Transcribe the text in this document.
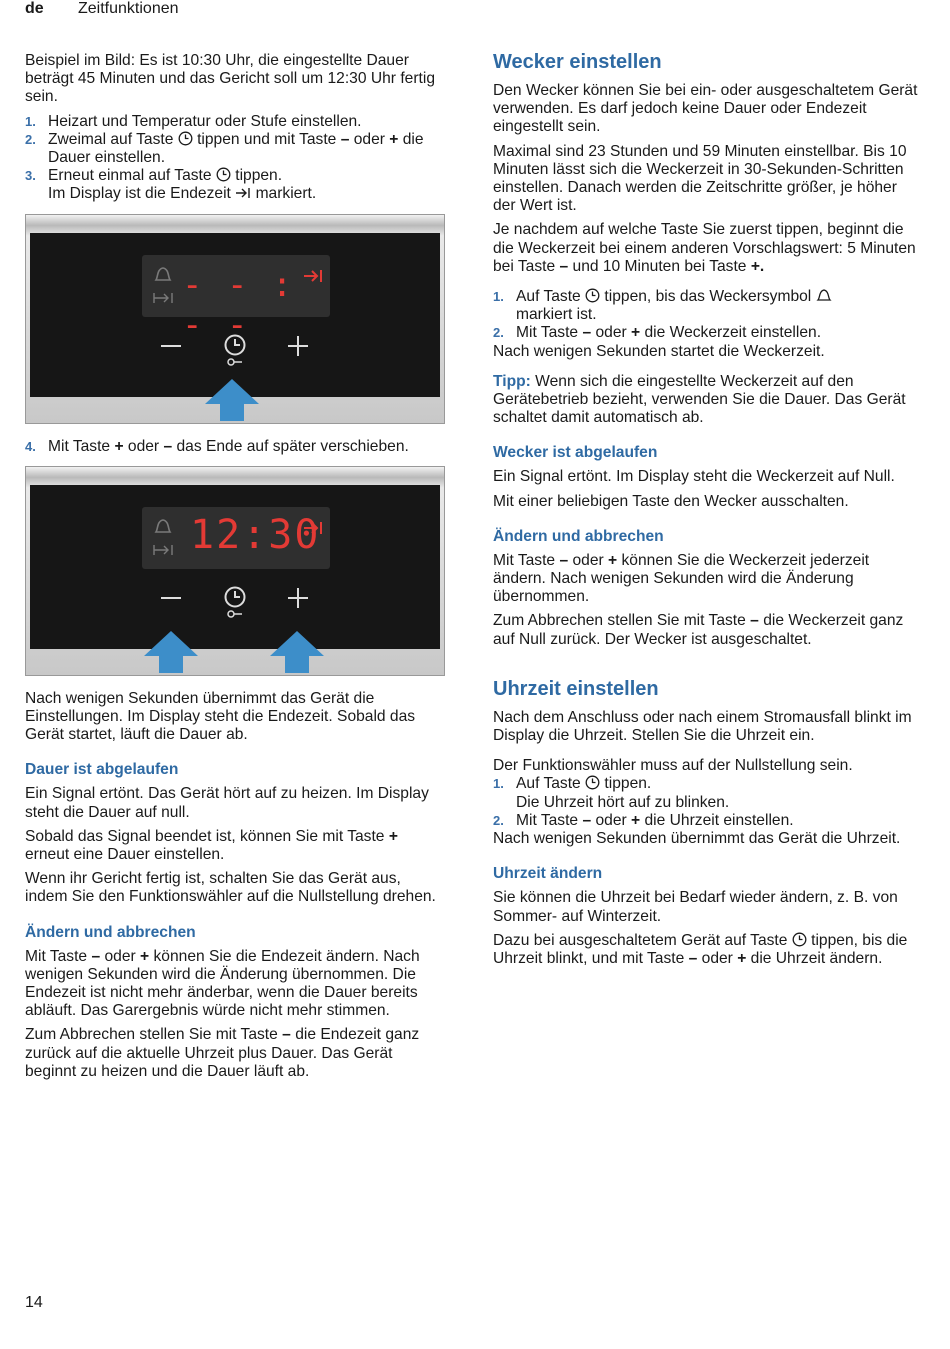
de Zeitfunktionen

Beispiel im Bild: Es ist 10:30 Uhr, die eingestellte Dauer beträgt 45 Minuten und das Gericht soll um 12:30 Uhr fertig sein.

1. Heizart und Temperatur oder Stufe einstellen.
2. Zweimal auf Taste tippen und mit Taste – oder + die Dauer einstellen.
3. Erneut einmal auf Taste tippen.
Im Display ist die Endezeit markiert.
- - : - -
4. Mit Taste + oder – das Ende auf später verschieben.
12:30

Nach wenigen Sekunden übernimmt das Gerät die Einstellungen. Im Display steht die Endezeit. Sobald das Gerät startet, läuft die Dauer ab.

Dauer ist abgelaufen

Ein Signal ertönt. Das Gerät hört auf zu heizen. Im Display steht die Dauer auf null.

Sobald das Signal beendet ist, können Sie mit Taste + erneut eine Dauer einstellen.

Wenn ihr Gericht fertig ist, schalten Sie das Gerät aus, indem Sie den Funktionswähler auf die Nullstellung drehen.

Ändern und abbrechen

Mit Taste – oder + können Sie die Endezeit ändern. Nach wenigen Sekunden wird die Änderung übernommen. Die Endezeit ist nicht mehr änderbar, wenn die Dauer bereits abläuft. Das Garergebnis würde nicht mehr stimmen.

Zum Abbrechen stellen Sie mit Taste – die Endezeit ganz zurück auf die aktuelle Uhrzeit plus Dauer. Das Gerät beginnt zu heizen und die Dauer läuft ab.

Wecker einstellen

Den Wecker können Sie bei ein- oder ausgeschaltetem Gerät verwenden. Es darf jedoch keine Dauer oder Endezeit eingestellt sein.

Maximal sind 23 Stunden und 59 Minuten einstellbar. Bis 10 Minuten lässt sich die Weckerzeit in 30-Sekunden-Schritten einstellen. Danach werden die Zeitschritte größer, je höher der Wert ist.

Je nachdem auf welche Taste Sie zuerst tippen, beginnt die die Weckerzeit bei einem anderen Vorschlagswert: 5 Minuten bei Taste – und 10 Minuten bei Taste +.

1. Auf Taste tippen, bis das Weckersymbol
markiert ist.
2. Mit Taste – oder + die Weckerzeit einstellen.

Nach wenigen Sekunden startet die Weckerzeit.

Tipp: Wenn sich die eingestellte Weckerzeit auf den Gerätebetrieb bezieht, verwenden Sie die Dauer. Das Gerät schaltet damit automatisch ab.

Wecker ist abgelaufen

Ein Signal ertönt. Im Display steht die Weckerzeit auf Null.

Mit einer beliebigen Taste den Wecker ausschalten.

Ändern und abbrechen

Mit Taste – oder + können Sie die Weckerzeit jederzeit ändern. Nach wenigen Sekunden wird die Änderung übernommen.

Zum Abbrechen stellen Sie mit Taste – die Weckerzeit ganz auf Null zurück. Der Wecker ist ausgeschaltet.

Uhrzeit einstellen

Nach dem Anschluss oder nach einem Stromausfall blinkt im Display die Uhrzeit. Stellen Sie die Uhrzeit ein.

Der Funktionswähler muss auf der Nullstellung sein.

1. Auf Taste tippen.
Die Uhrzeit hört auf zu blinken.
2. Mit Taste – oder + die Uhrzeit einstellen.

Nach wenigen Sekunden übernimmt das Gerät die Uhrzeit.

Uhrzeit ändern

Sie können die Uhrzeit bei Bedarf wieder ändern, z. B. von Sommer- auf Winterzeit.

Dazu bei ausgeschaltetem Gerät auf Taste tippen, bis die Uhrzeit blinkt, und mit Taste – oder + die Uhrzeit ändern.

14
